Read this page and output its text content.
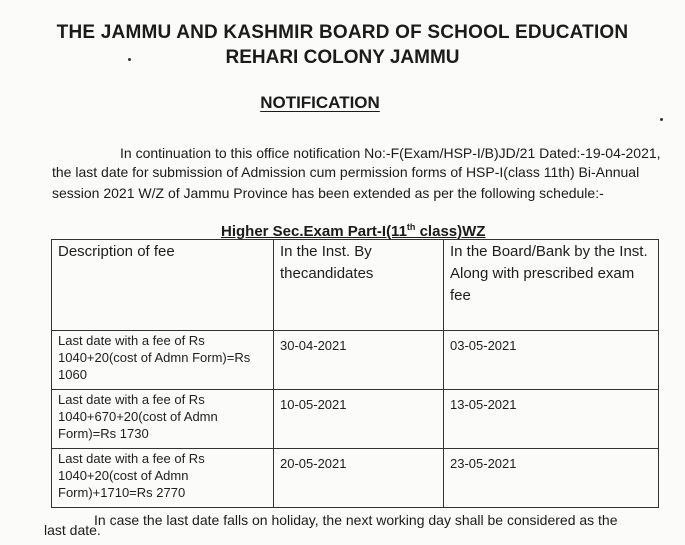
THE JAMMU AND KASHMIR BOARD OF SCHOOL EDUCATION
REHARI COLONY JAMMU
NOTIFICATION
In continuation to this office notification No:-F(Exam/HSP-I/B)JD/21 Dated:-19-04-2021,
the last date for submission of Admission cum permission forms of HSP-I(class 11th) Bi-Annual
session 2021 W/Z of Jammu Province has been extended as per the following schedule:-
Higher Sec.Exam Part-I(11th class)WZ
Description of fee	In the Inst. By thecandidates	In the Board/Bank by the Inst. Along with prescribed exam fee
Last date with a fee of Rs 1040+20(cost of Admn Form)=Rs 1060	30-04-2021	03-05-2021
Last date with a fee of Rs 1040+670+20(cost of Admn Form)=Rs 1730	10-05-2021	13-05-2021
Last date with a fee of Rs 1040+20(cost of Admn Form)+1710=Rs 2770	20-05-2021	23-05-2021
In case the last date falls on holiday, the next working day shall be considered as the
last date.
